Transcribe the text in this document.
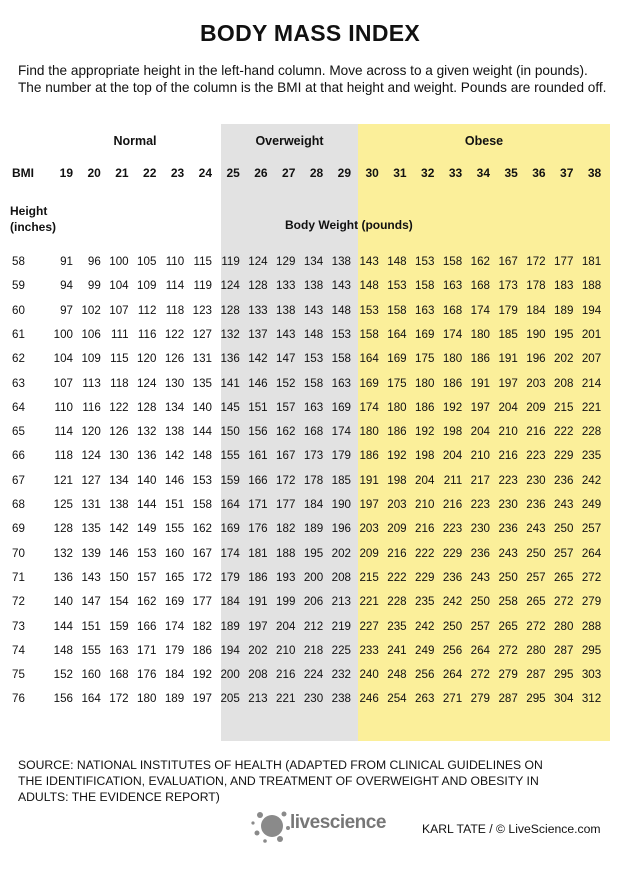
BODY MASS INDEX
Find the appropriate height in the left-hand column. Move across to a given weight (in pounds). The number at the top of the column is the BMI at that height and weight. Pounds are rounded off.
Normal	Overweight	Obese
BMI	19	20	21	22	23	24	25	26	27	28	29	30	31	32	33	34	35	36	37	38
Height
(inches)	Body Weight (pounds)
58	91	96 100 105 110 115 119 124 129 134 138 143 148 153 158 162 167 172 177 181
59	94	99 104 109 114 119 124 128 133 138 143 148 153 158 163 168 173 178 183 188
60	97 102 107 112 118 123 128 133 138 143 148 153 158 163 168 174 179 184 189 194
61	100 106 111 116 122 127 132 137 143 148 153 158 164 169 174 180 185 190 195 201
62	104 109 115 120 126 131 136 142 147 153 158 164 169 175 180 186 191 196 202 207
63	107 113 118 124 130 135 141 146 152 158 163 169 175 180 186 191 197 203 208 214
64	110 116 122 128 134 140 145 151 157 163 169 174 180 186 192 197 204 209 215 221
65	114 120 126 132 138 144 150 156 162 168 174 180 186 192 198 204 210 216 222 228
66	118 124 130 136 142 148 155 161 167 173 179 186 192 198 204 210 216 223 229 235
67	121 127 134 140 146 153 159 166 172 178 185 191 198 204 211 217 223 230 236 242
68	125 131 138 144 151 158 164 171 177 184 190 197 203 210 216 223 230 236 243 249
69	128 135 142 149 155 162 169 176 182 189 196 203 209 216 223 230 236 243 250 257
70	132 139 146 153 160 167 174 181 188 195 202 209 216 222 229 236 243 250 257 264
71	136 143 150 157 165 172 179 186 193 200 208 215 222 229 236 243 250 257 265 272
72	140 147 154 162 169 177 184 191 199 206 213 221 228 235 242 250 258 265 272 279
73	144 151 159 166 174 182 189 197 204 212 219 227 235 242 250 257 265 272 280 288
74	148 155 163 171 179 186 194 202 210 218 225 233 241 249 256 264 272 280 287 295
75	152 160 168 176 184 192 200 208 216 224 232 240 248 256 264 272 279 287 295 303
76	156 164 172 180 189 197 205 213 221 230 238 246 254 263 271 279 287 295 304 312
SOURCE: NATIONAL INSTITUTES OF HEALTH (ADAPTED FROM CLINICAL GUIDELINES ON THE IDENTIFICATION, EVALUATION, AND TREATMENT OF OVERWEIGHT AND OBESITY IN ADULTS: THE EVIDENCE REPORT)
livescience	KARL TATE / © LiveScience.com
